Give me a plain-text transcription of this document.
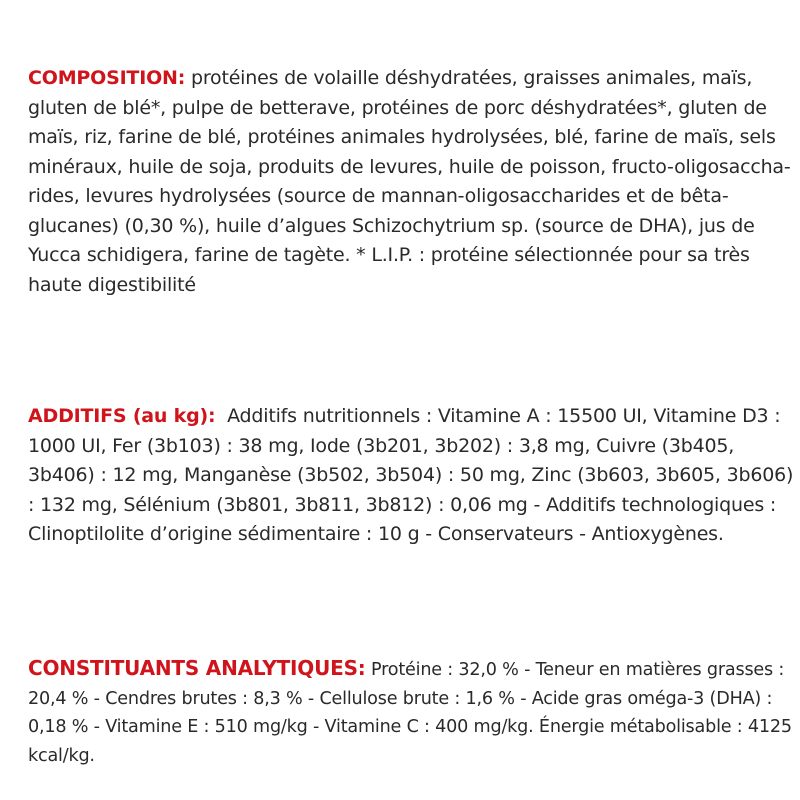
COMPOSITION: protéines de volaille déshydratées, graisses animales, maïs, gluten de blé*, pulpe de betterave, protéines de porc déshydratées*, gluten de maïs, riz, farine de blé, protéines animales hydrolysées, blé, farine de maïs, sels minéraux, huile de soja, produits de levures, huile de poisson, fructo-oligosaccha-rides, levures hydrolysées (source de mannan-oligosaccharides et de bêta-glucanes) (0,30 %), huile d’algues Schizochytrium sp. (source de DHA), jus de Yucca schidigera, farine de tagète. * L.I.P. : protéine sélectionnée pour sa très haute digestibilité

ADDITIFS (au kg):  Additifs nutritionnels : Vitamine A : 15500 UI, Vitamine D3 : 1000 UI, Fer (3b103) : 38 mg, Iode (3b201, 3b202) : 3,8 mg, Cuivre (3b405, 3b406) : 12 mg, Manganèse (3b502, 3b504) : 50 mg, Zinc (3b603, 3b605, 3b606) : 132 mg, Sélénium (3b801, 3b811, 3b812) : 0,06 mg - Additifs technologiques : Clinoptilolite d’origine sédimentaire : 10 g - Conservateurs - Antioxygènes.

CONSTITUANTS ANALYTIQUES: Protéine : 32,0 % - Teneur en matières grasses : 20,4 % - Cendres brutes : 8,3 % - Cellulose brute : 1,6 % - Acide gras oméga-3 (DHA) : 0,18 % - Vitamine E : 510 mg/kg - Vitamine C : 400 mg/kg. Énergie métabolisable : 4125 kcal/kg.
